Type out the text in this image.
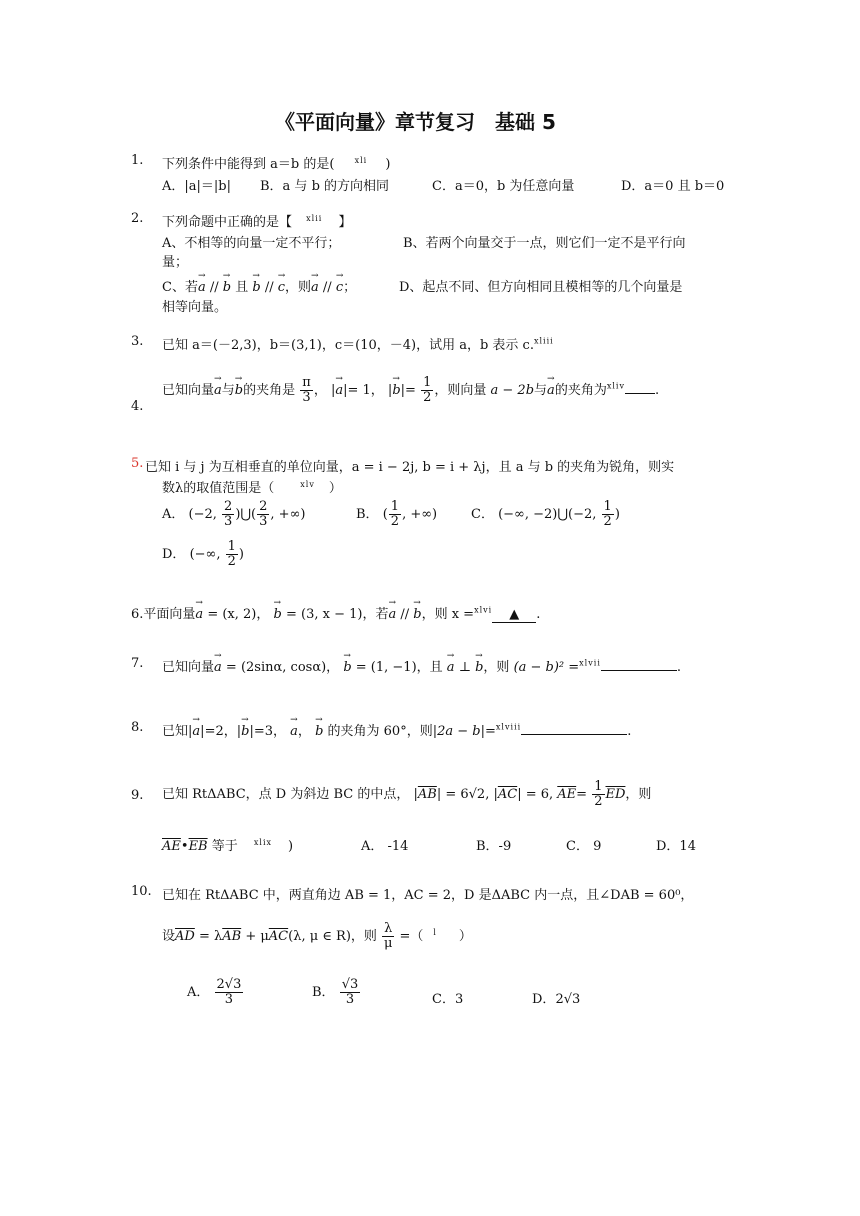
《平面向量》章节复习　基础 5
1. 下列条件中能得到 a＝b 的是(	$^{xli}$ )
A．|a|＝|b| B．a 与 b 的方向相同	C．a＝0，b 为任意向量	D．a＝0 且 b＝0
2. 下列命题中正确的是【 $^{xlii}$ 】
A、不相等的向量一定不平行；	B、若两个向量交于一点，则它们一定不是平行向
量；
C、若→ a // → b 且 → b // → c，则→ a // → c；	D、起点不同、但方向相同且模相等的几个向量是
相等向量。
3. 已知 a＝(－2,3)，b＝(3,1)，c＝(10，－4)，试用 a，b 表示 c.$^{xliii}$
4.
已知向量→ a与→ b的夹角是 $\frac{\pi}{3}$ ， |→ a|= 1， |→ $b|= \frac{1}{2}$ ，则向量 a − 2b与→ a的夹角为$^{xliv}$ .
5. 已知 i 与 j 为互相垂直的单位向量，a = i − 2j, b = i + λj，且 a 与 b 的夹角为锐角，则实
数λ的取值范围是（	$^{xlv}$ ）
A． (−2, $\frac{2}{3}$ )⋃( $\frac{2}{3}$ , +∞)	B． ( $\frac{1}{2}$ , +∞)	C． (−∞, −2)⋃(−2, $\frac{1}{2}$ )
D． (−∞, $\frac{1}{2}$ )
6.平面向量→ a = (x, 2)， → b = (3, x − 1)，若→ a // → b，则 x =$^{xlvi}$ ▲ .
7. 已知向量→ a = (2sinα, cosα)， → b = (1, −1)，且 → a ⊥ → b，则 (a − b)² =$^{xlvii}$	.
8. 已知|→ a|=2，|→ b|=3， → a， → b 的夹角为 60°，则|2a − b|=$^{xlviii}$	.
9. 已知 RtΔABC，点 D 为斜边 BC 的中点， $|\overline{AB}| = 6√2$, $|\overline{AC}| = 6$, $\overline{AE}= \frac{1}{2} \overline{ED}$，则
$\overline{AE}•\overline{EB}$ 等于 $^{xlix}$ )	A． -14	B．-9	C． 9	D．14
10. 已知在 RtΔABC 中，两直角边 AB = 1，AC = 2，D 是ΔABC 内一点，且∠DAB = 60⁰，
设$\overline{AD} = \lambda\overline{AB} + \mu\overline{AC}(\lambda$, μ ∈ R)，则 $\frac{\lambda}{\mu}$ =（ $^l$ ）
A． $\frac{2√3}{3}$	B． $\frac{√3}{3}$	C．3	D．2√3
